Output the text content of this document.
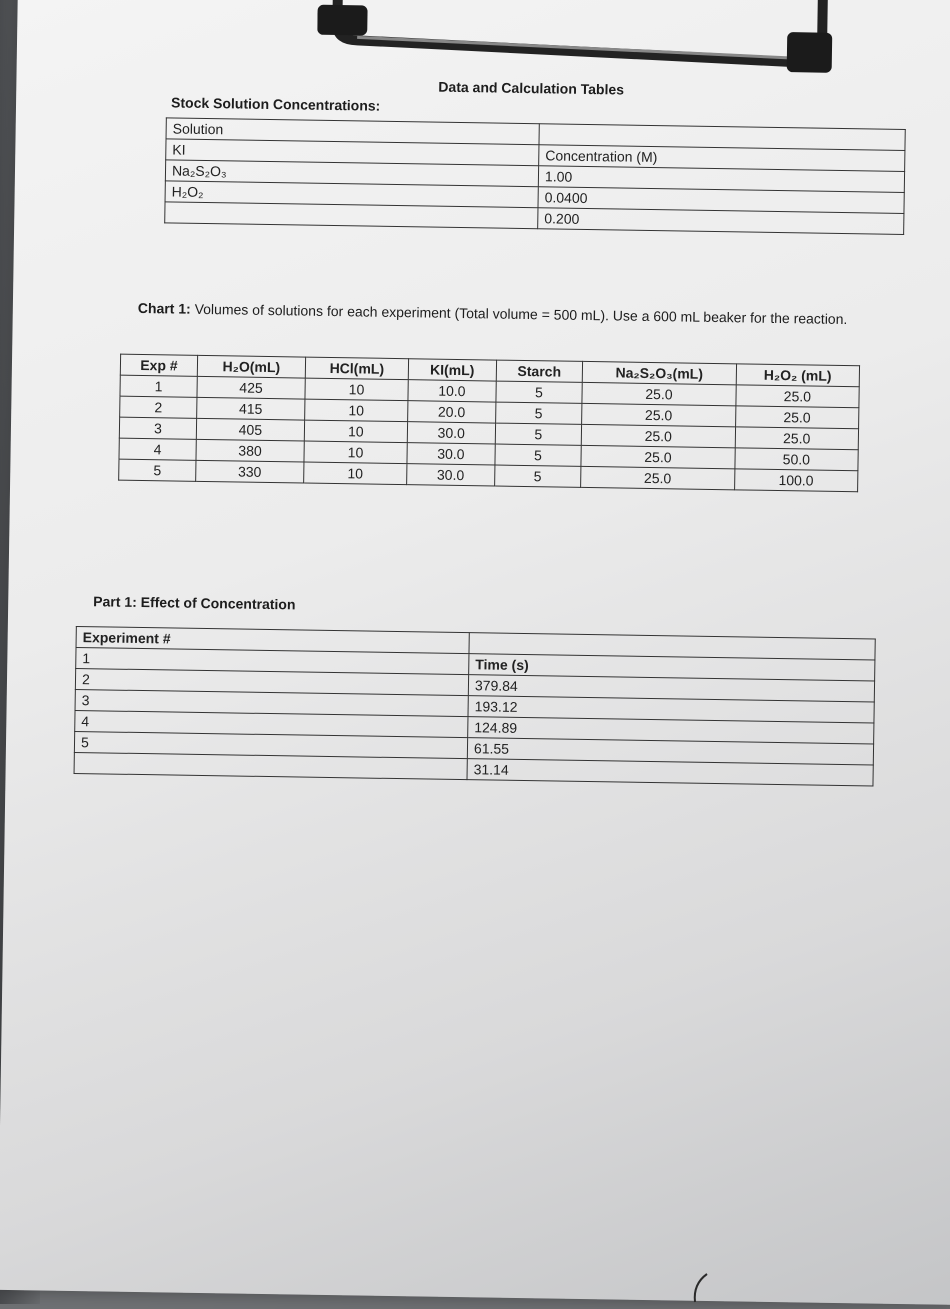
Data and Calculation Tables
Stock Solution Concentrations:
Solution	
KI	Concentration (M)
Na₂S₂O₃	1.00
H₂O₂	0.0400
	0.200
Chart 1: Volumes of solutions for each experiment (Total volume = 500 mL). Use a 600 mL beaker for the reaction.
Exp #	H₂O(mL)	HCl(mL)	KI(mL)	Starch	Na₂S₂O₃(mL)	H₂O₂ (mL)
1	425	10	10.0	5	25.0	25.0
2	415	10	20.0	5	25.0	25.0
3	405	10	30.0	5	25.0	25.0
4	380	10	30.0	5	25.0	50.0
5	330	10	30.0	5	25.0	100.0
Part 1: Effect of Concentration
Experiment #	
1	Time (s)
2	379.84
3	193.12
4	124.89
5	61.55
	31.14
